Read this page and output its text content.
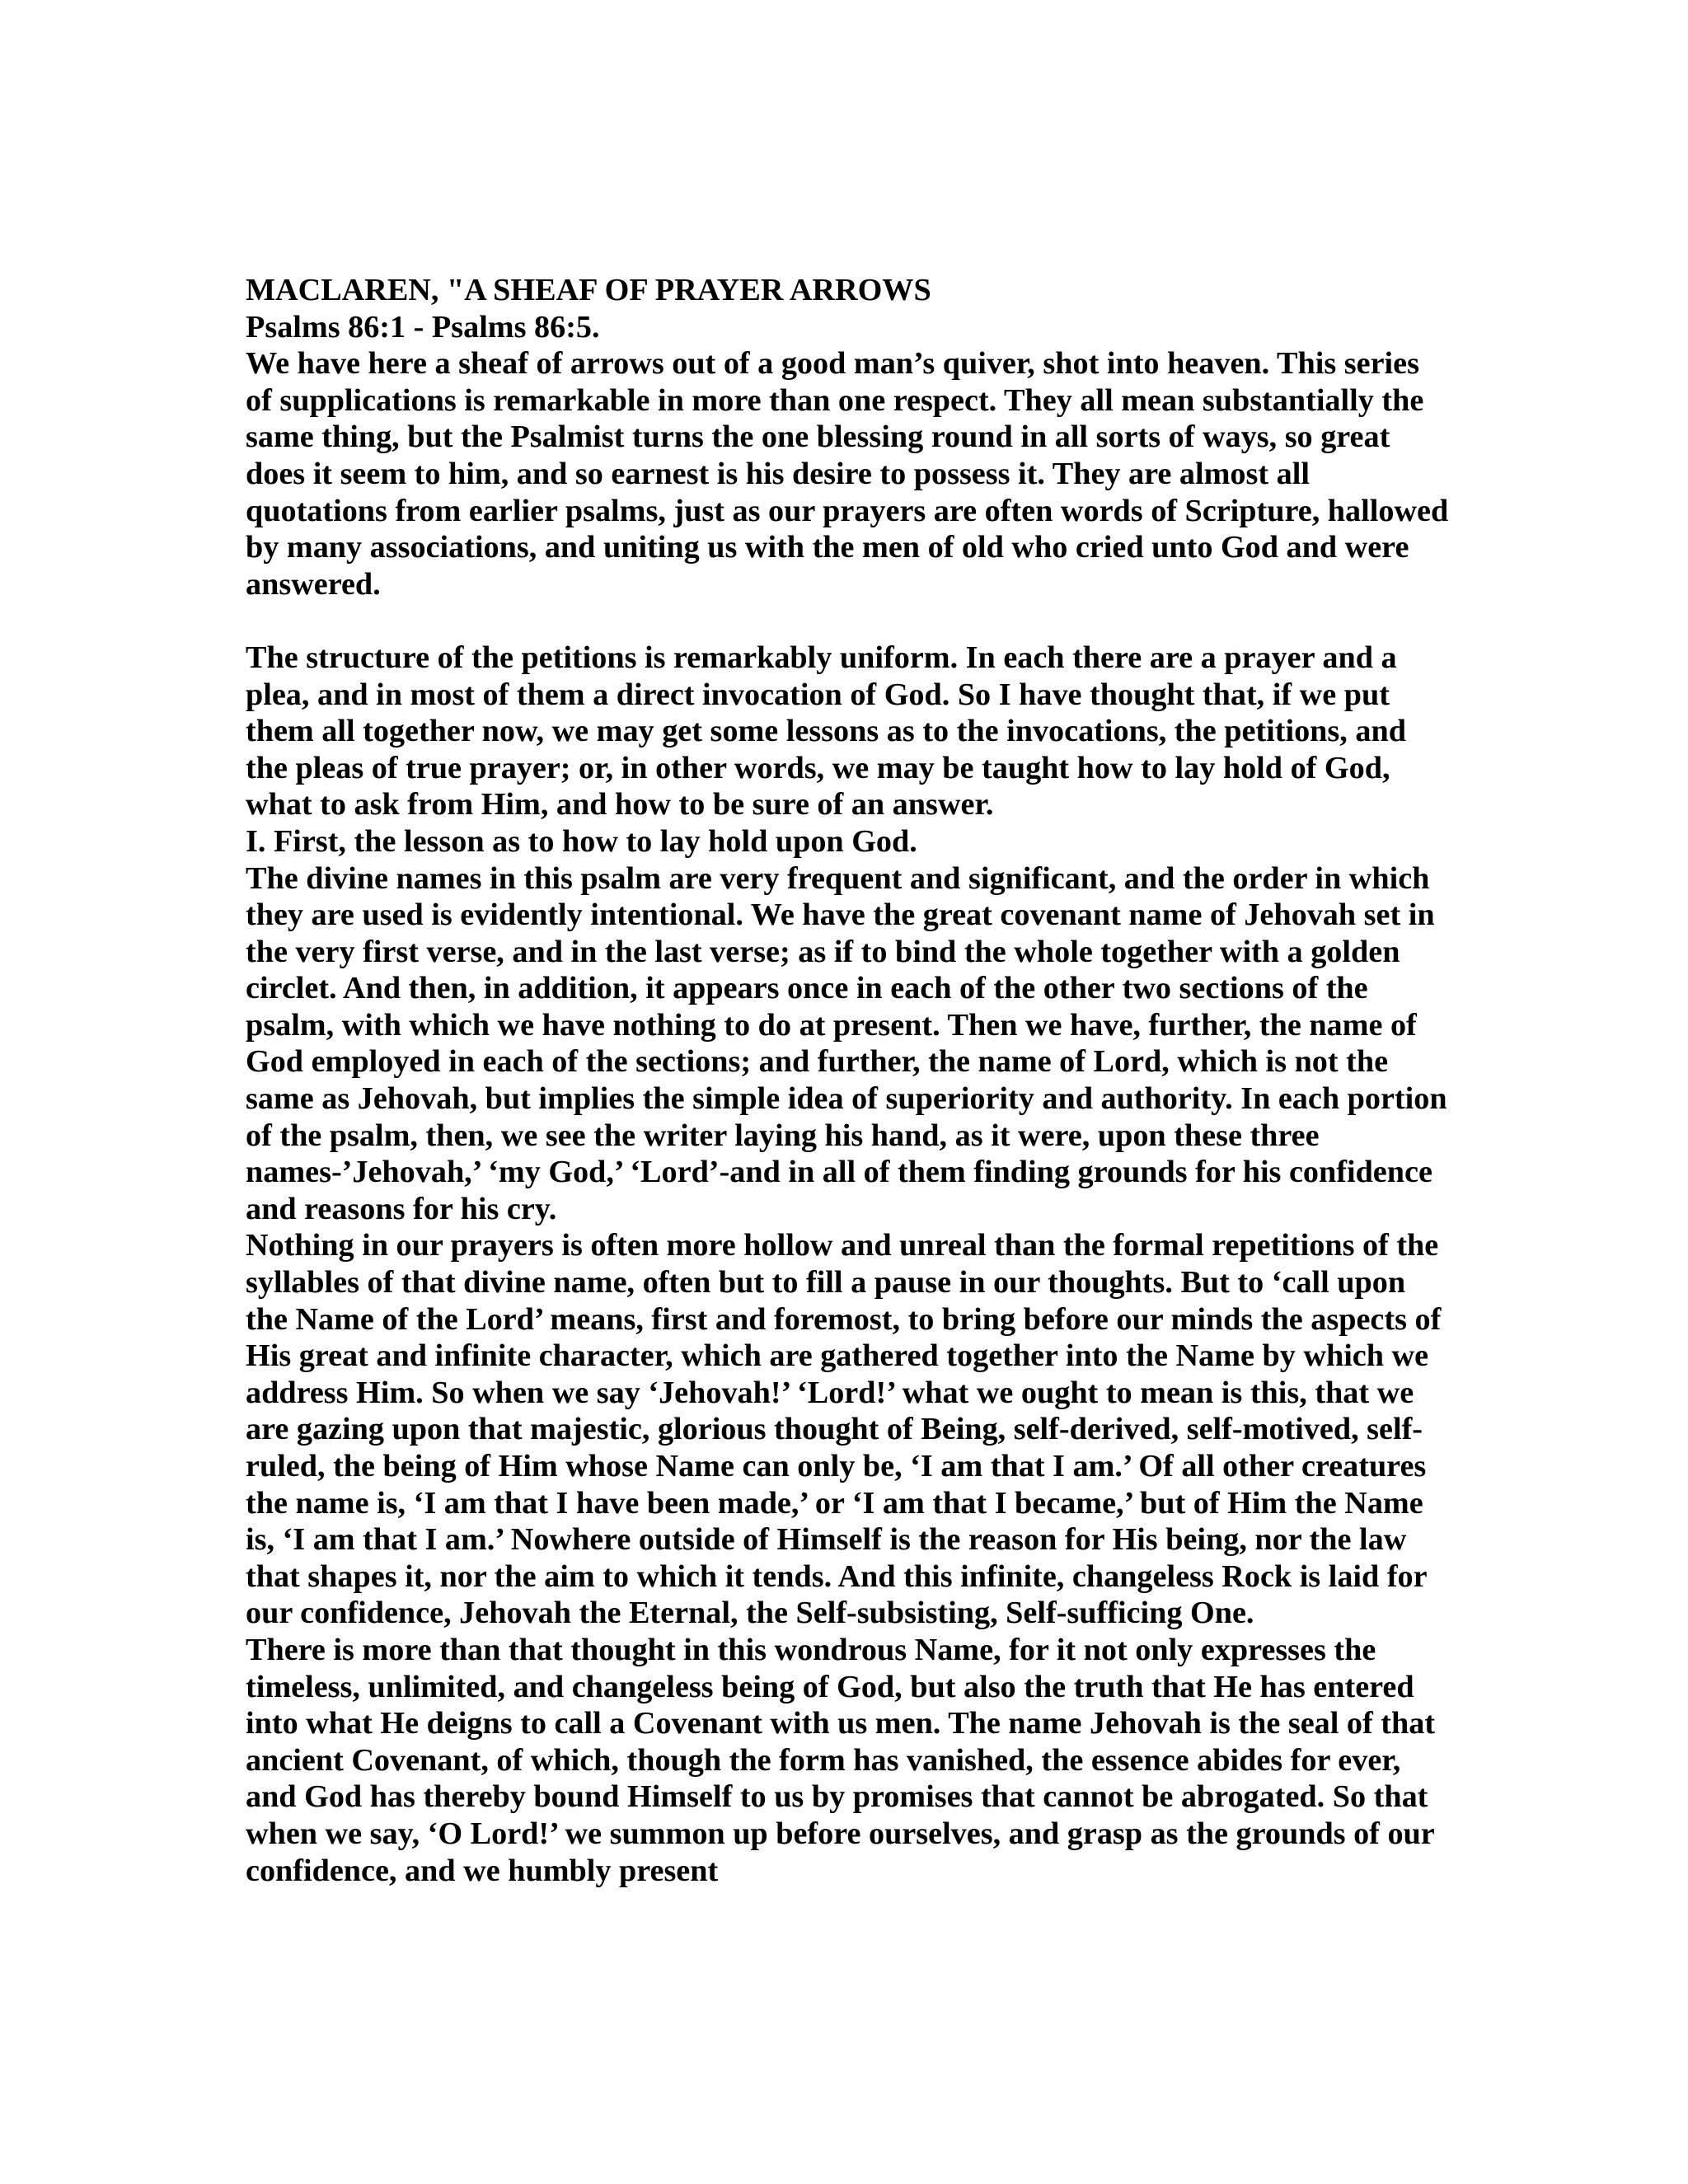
MACLAREN, "A SHEAF OF PRAYER ARROWS

Psalms 86:1 - Psalms 86:5.

We have here a sheaf of arrows out of a good man’s quiver, shot into heaven. This series of supplications is remarkable in more than one respect. They all mean substantially the same thing, but the Psalmist turns the one blessing round in all sorts of ways, so great does it seem to him, and so earnest is his desire to possess it. They are almost all quotations from earlier psalms, just as our prayers are often words of Scripture, hallowed by many associations, and uniting us with the men of old who cried unto God and were answered.

The structure of the petitions is remarkably uniform. In each there are a prayer and a plea, and in most of them a direct invocation of God. So I have thought that, if we put them all together now, we may get some lessons as to the invocations, the petitions, and the pleas of true prayer; or, in other words, we may be taught how to lay hold of God, what to ask from Him, and how to be sure of an answer.

I. First, the lesson as to how to lay hold upon God.

The divine names in this psalm are very frequent and significant, and the order in which they are used is evidently intentional. We have the great covenant name of Jehovah set in the very first verse, and in the last verse; as if to bind the whole together with a golden circlet. And then, in addition, it appears once in each of the other two sections of the psalm, with which we have nothing to do at present. Then we have, further, the name of God employed in each of the sections; and further, the name of Lord, which is not the same as Jehovah, but implies the simple idea of superiority and authority. In each portion of the psalm, then, we see the writer laying his hand, as it were, upon these three names-’Jehovah,’ ‘my God,’ ‘Lord’-and in all of them finding grounds for his confidence and reasons for his cry.

Nothing in our prayers is often more hollow and unreal than the formal repetitions of the syllables of that divine name, often but to fill a pause in our thoughts. But to ‘call upon the Name of the Lord’ means, first and foremost, to bring before our minds the aspects of His great and infinite character, which are gathered together into the Name by which we address Him. So when we say ‘Jehovah!’ ‘Lord!’ what we ought to mean is this, that we are gazing upon that majestic, glorious thought of Being, self-derived, self-motived, self-ruled, the being of Him whose Name can only be, ‘I am that I am.’ Of all other creatures the name is, ‘I am that I have been made,’ or ‘I am that I became,’ but of Him the Name is, ‘I am that I am.’ Nowhere outside of Himself is the reason for His being, nor the law that shapes it, nor the aim to which it tends. And this infinite, changeless Rock is laid for our confidence, Jehovah the Eternal, the Self-subsisting, Self-sufficing One.

There is more than that thought in this wondrous Name, for it not only expresses the timeless, unlimited, and changeless being of God, but also the truth that He has entered into what He deigns to call a Covenant with us men. The name Jehovah is the seal of that ancient Covenant, of which, though the form has vanished, the essence abides for ever, and God has thereby bound Himself to us by promises that cannot be abrogated. So that when we say, ‘O Lord!’ we summon up before ourselves, and grasp as the grounds of our confidence, and we humbly present
